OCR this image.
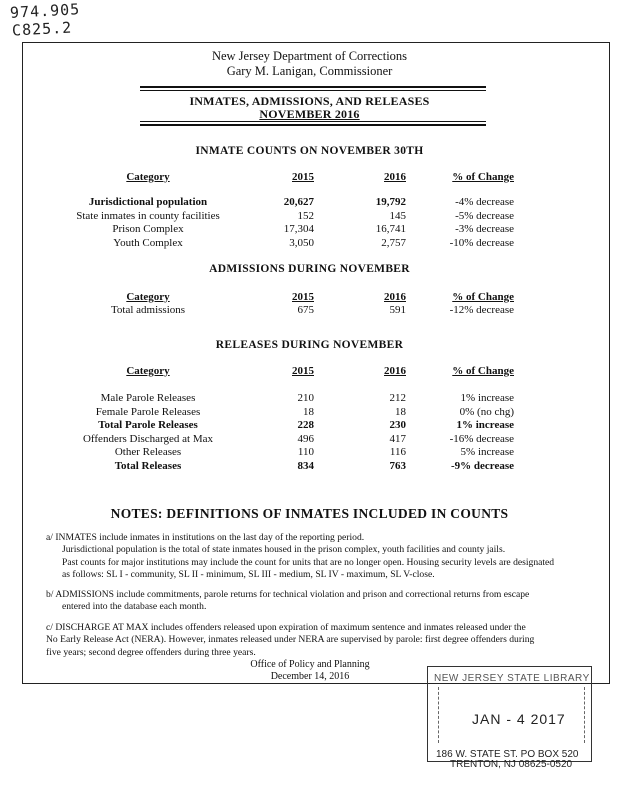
974.905
C825.2
New Jersey Department of Corrections
Gary M. Lanigan, Commissioner
INMATES, ADMISSIONS, AND RELEASES
NOVEMBER 2016
INMATE COUNTS ON NOVEMBER 30TH
Category	2015	2016	% of Change

Jurisdictional population	20,627	19,792	-4% decrease
State inmates in county facilities	152	145	-5% decrease
Prison Complex	17,304	16,741	-3% decrease
Youth Complex	3,050	2,757	-10% decrease
ADMISSIONS DURING NOVEMBER
Category	2015	2016	% of Change
Total admissions	675	591	-12% decrease
RELEASES DURING NOVEMBER
Category	2015	2016	% of Change

Male Parole Releases	210	212	1% increase
Female Parole Releases	18	18	0% (no chg)
Total Parole Releases	228	230	1% increase
Offenders Discharged at Max	496	417	-16% decrease
Other Releases	110	116	5% increase
Total Releases	834	763	-9% decrease
NOTES: DEFINITIONS OF INMATES INCLUDED IN COUNTS

a/ INMATES include inmates in institutions on the last day of the reporting period.

Jurisdictional population is the total of state inmates housed in the prison complex, youth facilities and county jails.

Past counts for major institutions may include the count for units that are no longer open. Housing security levels are designated

as follows: SL I - community, SL II - minimum, SL III - medium, SL IV - maximum, SL V-close.

b/ ADMISSIONS include commitments, parole returns for technical violation and prison and correctional returns from escape

entered into the database each month.

c/ DISCHARGE AT MAX includes offenders released upon expiration of maximum sentence and inmates released under the

No Early Release Act (NERA). However, inmates released under NERA are supervised by parole: first degree offenders during

five years; second degree offenders during three years.

Office of Policy and Planning
December 14, 2016	NEW JERSEY STATE LIBRARY
JAN - 4 2017
186 W. STATE ST. PO BOX 520
TRENTON, NJ 08625-0520
